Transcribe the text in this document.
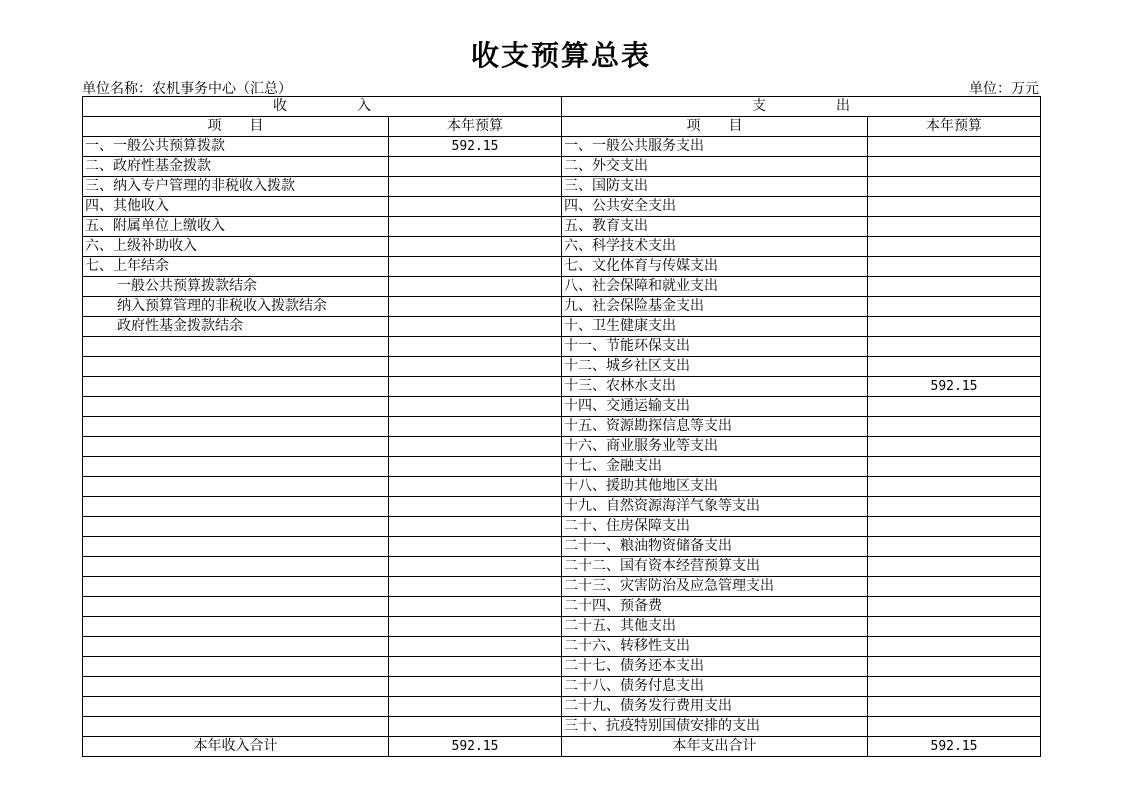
收支预算总表
单位名称：农机事务中心（汇总）	单位：万元
收　　　　　入		支　　　　　出	
项　　目	本年预算	项　　目	本年预算
一、一般公共预算拨款	592.15	一、一般公共服务支出	
二、政府性基金拨款		二、外交支出	
三、纳入专户管理的非税收入拨款		三、国防支出	
四、其他收入		四、公共安全支出	
五、附属单位上缴收入		五、教育支出	
六、上级补助收入		六、科学技术支出	
七、上年结余		七、文化体育与传媒支出	
一般公共预算拨款结余		八、社会保障和就业支出	
纳入预算管理的非税收入拨款结余		九、社会保险基金支出	
政府性基金拨款结余		十、卫生健康支出	
		十一、节能环保支出	
		十二、城乡社区支出	
		十三、农林水支出	592.15
		十四、交通运输支出	
		十五、资源勘探信息等支出	
		十六、商业服务业等支出	
		十七、金融支出	
		十八、援助其他地区支出	
		十九、自然资源海洋气象等支出	
		二十、住房保障支出	
		二十一、粮油物资储备支出	
		二十二、国有资本经营预算支出	
		二十三、灾害防治及应急管理支出	
		二十四、预备费	
		二十五、其他支出	
		二十六、转移性支出	
		二十七、债务还本支出	
		二十八、债务付息支出	
		二十九、债务发行费用支出	
		三十、抗疫特别国债安排的支出	
本年收入合计	592.15	本年支出合计	592.15
